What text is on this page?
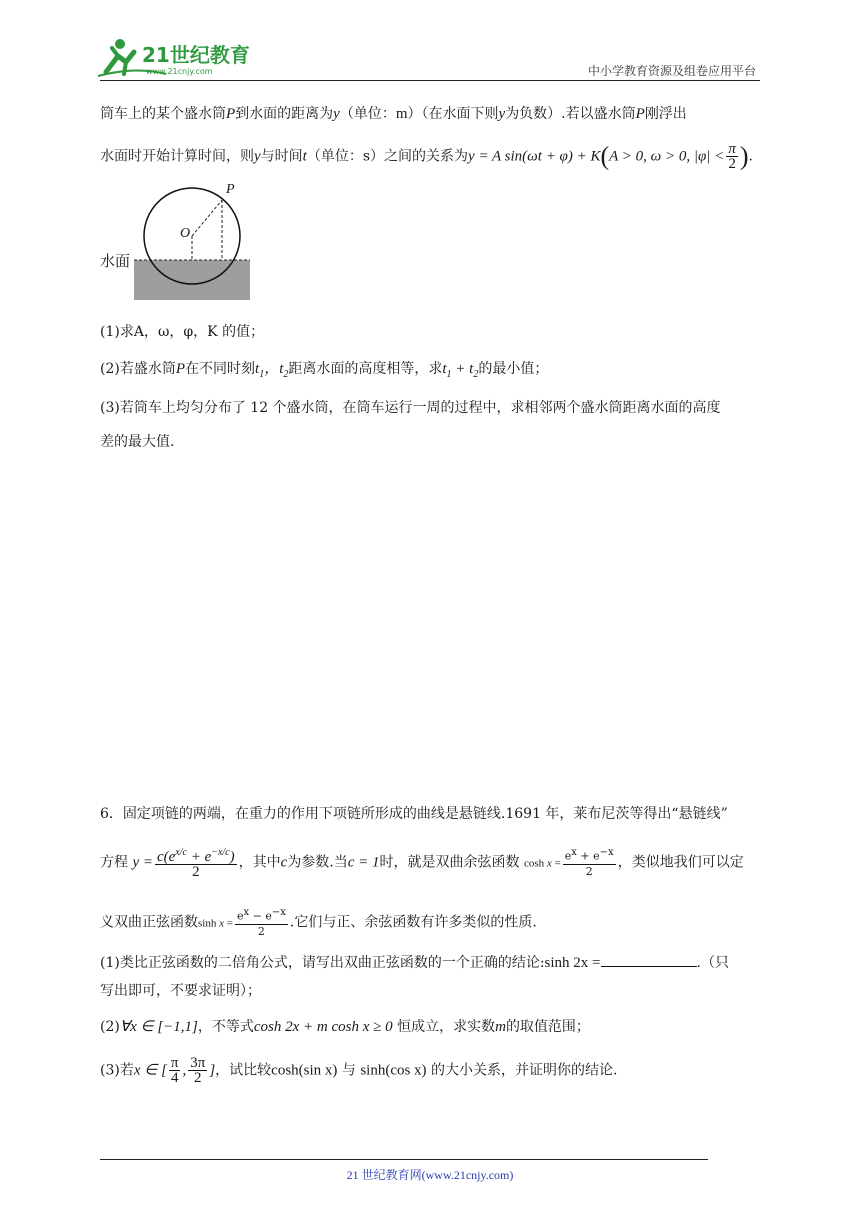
21世纪教育
www.21cnjy.com	中小学教育资源及组卷应用平台
筒车上的某个盛水筒P到水面的距离为y（单位：m）（在水面下则y为负数）.若以盛水筒P刚浮出
水面时开始计算时间，则y与时间t（单位：s）之间的关系为y = A sin(ωt + φ) + K(A > 0, ω > 0, $|\varphi| < \frac{\pi}{2}$ ).
P
O
水面
(1)求A，ω，φ，K 的值；
(2)若盛水筒P在不同时刻$t_1$，$t_2$距离水面的高度相等，求$t_1 + t_2$的最小值；
(3)若筒车上均匀分布了 12 个盛水筒，在筒车运行一周的过程中，求相邻两个盛水筒距离水面的高度
差的最大值.
6．固定项链的两端，在重力的作用下项链所形成的曲线是悬链线.1691 年，莱布尼茨等得出“悬链线”
方程 $y = \frac{c(e^{x/c} + e^{-x/c})}{2}$ ，其中c为参数.当c = 1时，就是双曲余弦函数 $\cosh x = \frac{e^x + e^{-x}}{2}$ ，类似地我们可以定
义双曲正弦函数$\sinh x = \frac{e^x - e^{-x}}{2}$ .它们与正、余弦函数有许多类似的性质.
(1)类比正弦函数的二倍角公式，请写出双曲正弦函数的一个正确的结论:sinh 2x =	.（只
写出即可，不要求证明）；
(2)∀x ∈ [−1,1]，不等式cosh 2x + m cosh x ≥ 0 恒成立，求实数m的取值范围；
(3)若x ∈ [ $\frac{\pi}{4}$ , $\frac{3\pi}{2}$ ]，试比较cosh(sin x) 与 sinh(cos x) 的大小关系，并证明你的结论.
21 世纪教育网(www.21cnjy.com)
